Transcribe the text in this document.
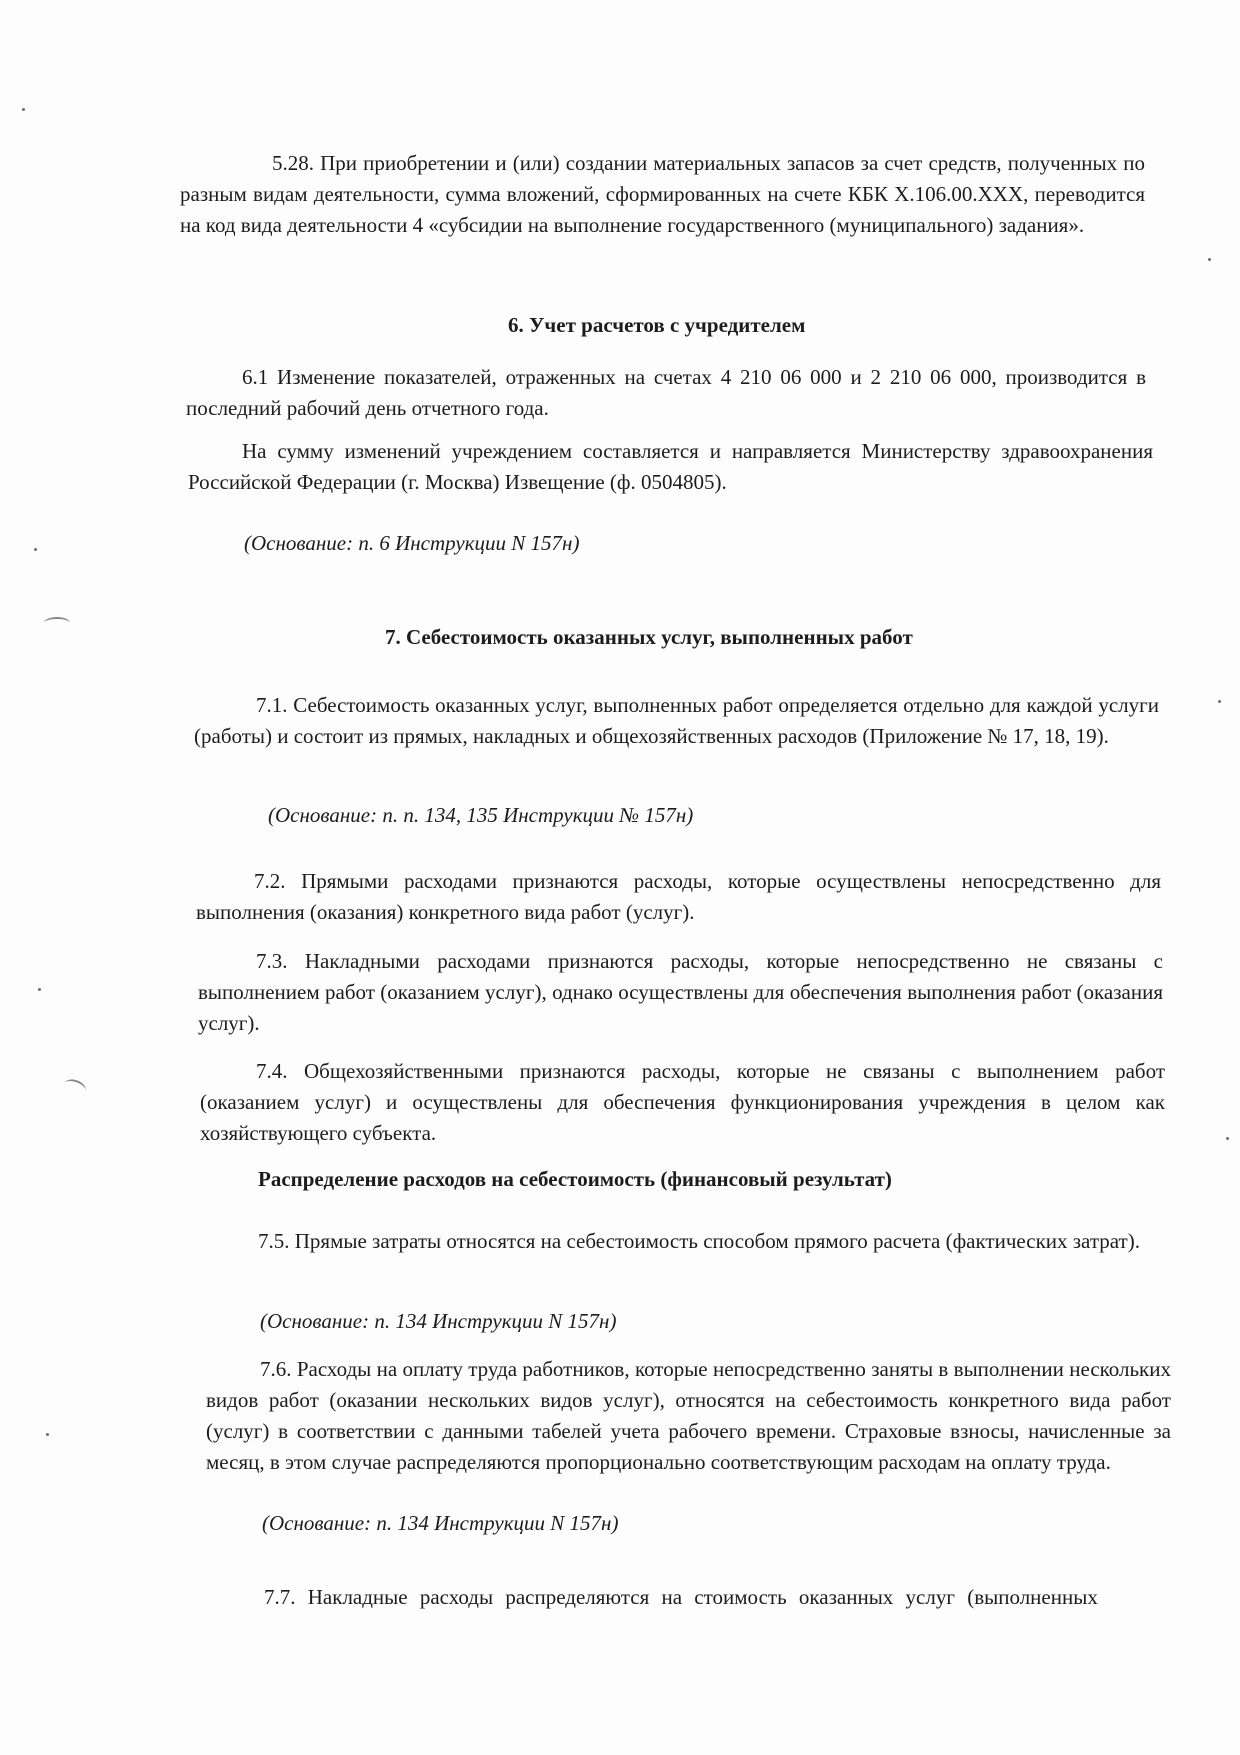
5.28. При приобретении и (или) создании материальных запасов за счет средств, полученных по разным видам деятельности, сумма вложений, сформированных на счете КБК Х.106.00.ХХХ, переводится на код вида деятельности 4 «субсидии на выполнение государственного (муниципального) задания».

6. Учет расчетов с учредителем

6.1 Изменение показателей, отраженных на счетах 4 210 06 000 и 2 210 06 000, производится в последний рабочий день отчетного года.

На сумму изменений учреждением составляется и направляется Министерству здравоохранения Российской Федерации (г. Москва) Извещение (ф. 0504805).

(Основание: п. 6 Инструкции N 157н)
7. Себестоимость оказанных услуг, выполненных работ

7.1. Себестоимость оказанных услуг, выполненных работ определяется отдельно для каждой услуги (работы) и состоит из прямых, накладных и общехозяйственных расходов (Приложение № 17, 18, 19).

(Основание: п. п. 134, 135 Инструкции № 157н)

7.2. Прямыми расходами признаются расходы, которые осуществлены непосредственно для выполнения (оказания) конкретного вида работ (услуг).

7.3. Накладными расходами признаются расходы, которые непосредственно не связаны с выполнением работ (оказанием услуг), однако осуществлены для обеспечения выполнения работ (оказания услуг).

7.4. Общехозяйственными признаются расходы, которые не связаны с выполнением работ (оказанием услуг) и осуществлены для обеспечения функционирования учреждения в целом как хозяйствующего субъекта.

Распределение расходов на себестоимость (финансовый результат)

7.5. Прямые затраты относятся на себестоимость способом прямого расчета (фактических затрат).

(Основание: п. 134 Инструкции N 157н)

7.6. Расходы на оплату труда работников, которые непосредственно заняты в выполнении нескольких видов работ (оказании нескольких видов услуг), относятся на себестоимость конкретного вида работ (услуг) в соответствии с данными табелей учета рабочего времени. Страховые взносы, начисленные за месяц, в этом случае распределяются пропорционально соответствующим расходам на оплату труда.

(Основание: п. 134 Инструкции N 157н)

7.7. Накладные расходы распределяются на стоимость оказанных услуг (выполненных
